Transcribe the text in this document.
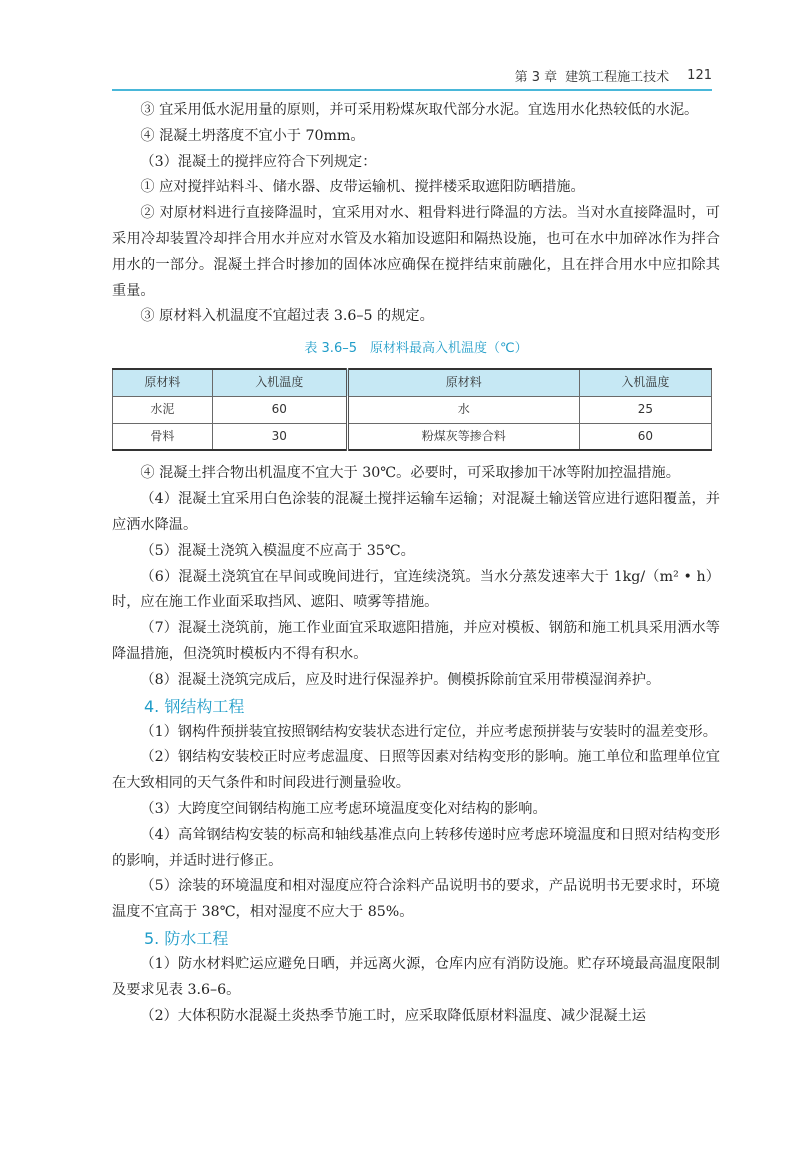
第 3 章 建筑工程施工技术 121

③ 宜采用低水泥用量的原则，并可采用粉煤灰取代部分水泥。宜选用水化热较低的水泥。

④ 混凝土坍落度不宜小于 70mm。

（3）混凝土的搅拌应符合下列规定：

① 应对搅拌站料斗、储水器、皮带运输机、搅拌楼采取遮阳防晒措施。

② 对原材料进行直接降温时，宜采用对水、粗骨料进行降温的方法。当对水直接降温时，可采用冷却装置冷却拌合用水并应对水管及水箱加设遮阳和隔热设施，也可在水中加碎冰作为拌合用水的一部分。混凝土拌合时掺加的固体冰应确保在搅拌结束前融化，且在拌合用水中应扣除其重量。

③ 原材料入机温度不宜超过表 3.6–5 的规定。

表 3.6–5　原材料最高入机温度（℃）
原材料	入机温度	原材料	入机温度
水泥	60	水	25
骨料	30	粉煤灰等掺合料	60

④ 混凝土拌合物出机温度不宜大于 30℃。必要时，可采取掺加干冰等附加控温措施。

（4）混凝土宜采用白色涂装的混凝土搅拌运输车运输；对混凝土输送管应进行遮阳覆盖，并应洒水降温。

（5）混凝土浇筑入模温度不应高于 35℃。

（6）混凝土浇筑宜在早间或晚间进行，宜连续浇筑。当水分蒸发速率大于 1kg/（m² • h）时，应在施工作业面采取挡风、遮阳、喷雾等措施。

（7）混凝土浇筑前，施工作业面宜采取遮阳措施，并应对模板、钢筋和施工机具采用洒水等降温措施，但浇筑时模板内不得有积水。

（8）混凝土浇筑完成后，应及时进行保湿养护。侧模拆除前宜采用带模湿润养护。

4. 钢结构工程

（1）钢构件预拼装宜按照钢结构安装状态进行定位，并应考虑预拼装与安装时的温差变形。

（2）钢结构安装校正时应考虑温度、日照等因素对结构变形的影响。施工单位和监理单位宜在大致相同的天气条件和时间段进行测量验收。

（3）大跨度空间钢结构施工应考虑环境温度变化对结构的影响。

（4）高耸钢结构安装的标高和轴线基准点向上转移传递时应考虑环境温度和日照对结构变形的影响，并适时进行修正。

（5）涂装的环境温度和相对湿度应符合涂料产品说明书的要求，产品说明书无要求时，环境温度不宜高于 38℃，相对湿度不应大于 85%。

5. 防水工程

（1）防水材料贮运应避免日晒，并远离火源，仓库内应有消防设施。贮存环境最高温度限制及要求见表 3.6–6。

（2）大体积防水混凝土炎热季节施工时，应采取降低原材料温度、减少混凝土运
